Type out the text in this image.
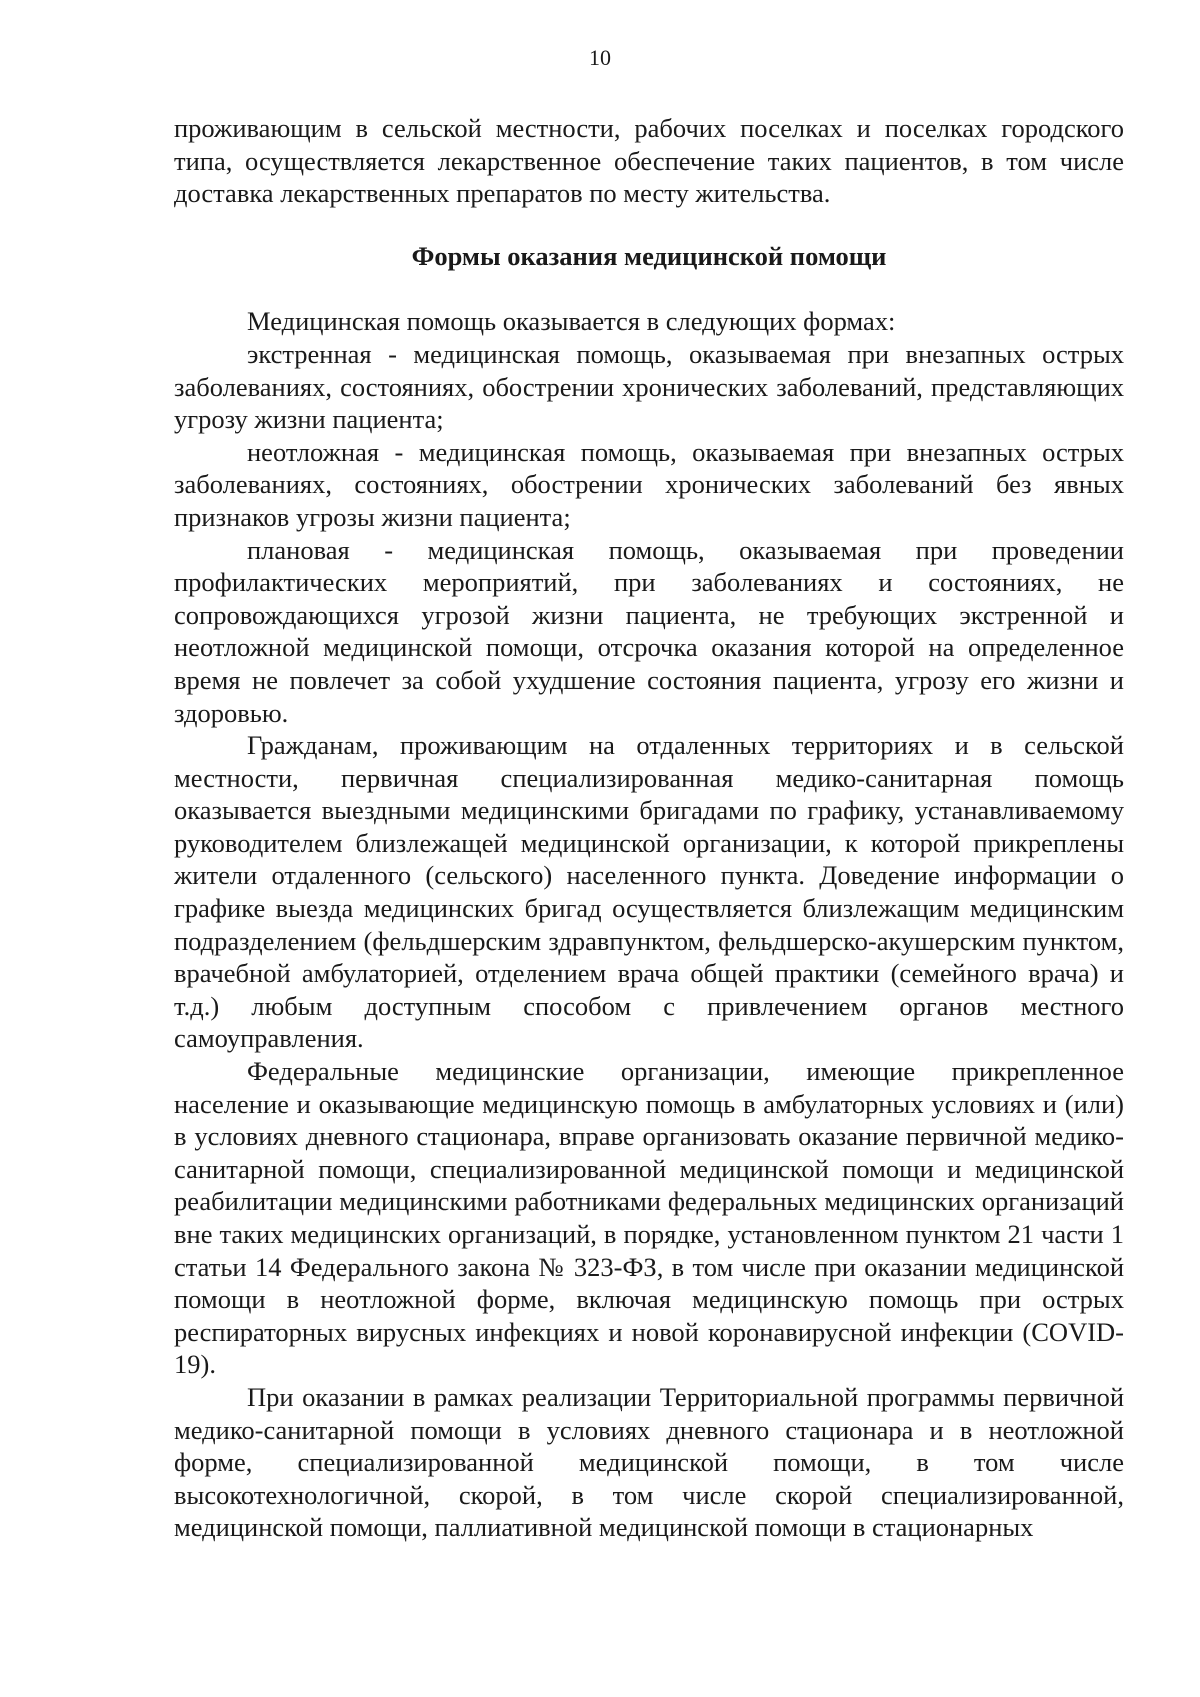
10

проживающим в сельской местности, рабочих поселках и поселках городского типа, осуществляется лекарственное обеспечение таких пациентов, в том числе доставка лекарственных препаратов по месту жительства.

Формы оказания медицинской помощи

Медицинская помощь оказывается в следующих формах:

экстренная - медицинская помощь, оказываемая при внезапных острых заболеваниях, состояниях, обострении хронических заболеваний, представляющих угрозу жизни пациента;

неотложная - медицинская помощь, оказываемая при внезапных острых заболеваниях, состояниях, обострении хронических заболеваний без явных признаков угрозы жизни пациента;

плановая - медицинская помощь, оказываемая при проведении профилактических мероприятий, при заболеваниях и состояниях, не сопровождающихся угрозой жизни пациента, не требующих экстренной и неотложной медицинской помощи, отсрочка оказания которой на определенное время не повлечет за собой ухудшение состояния пациента, угрозу его жизни и здоровью.

Гражданам, проживающим на отдаленных территориях и в сельской местности, первичная специализированная медико-санитарная помощь оказывается выездными медицинскими бригадами по графику, устанавливаемому руководителем близлежащей медицинской организации, к которой прикреплены жители отдаленного (сельского) населенного пункта. Доведение информации о графике выезда медицинских бригад осуществляется близлежащим медицинским подразделением (фельдшерским здравпунктом, фельдшерско-акушерским пунктом, врачебной амбулаторией, отделением врача общей практики (семейного врача) и т.д.) любым доступным способом с привлечением органов местного самоуправления.

Федеральные медицинские организации, имеющие прикрепленное население и оказывающие медицинскую помощь в амбулаторных условиях и (или) в условиях дневного стационара, вправе организовать оказание первичной медико-санитарной помощи, специализированной медицинской помощи и медицинской реабилитации медицинскими работниками федеральных медицинских организаций вне таких медицинских организаций, в порядке, установленном пунктом 21 части 1 статьи 14 Федерального закона № 323-ФЗ, в том числе при оказании медицинской помощи в неотложной форме, включая медицинскую помощь при острых респираторных вирусных инфекциях и новой коронавирусной инфекции (COVID-19).

При оказании в рамках реализации Территориальной программы первичной медико-санитарной помощи в условиях дневного стационара и в неотложной форме, специализированной медицинской помощи, в том числе высокотехнологичной, скорой, в том числе скорой специализированной, медицинской помощи, паллиативной медицинской помощи в стационарных
